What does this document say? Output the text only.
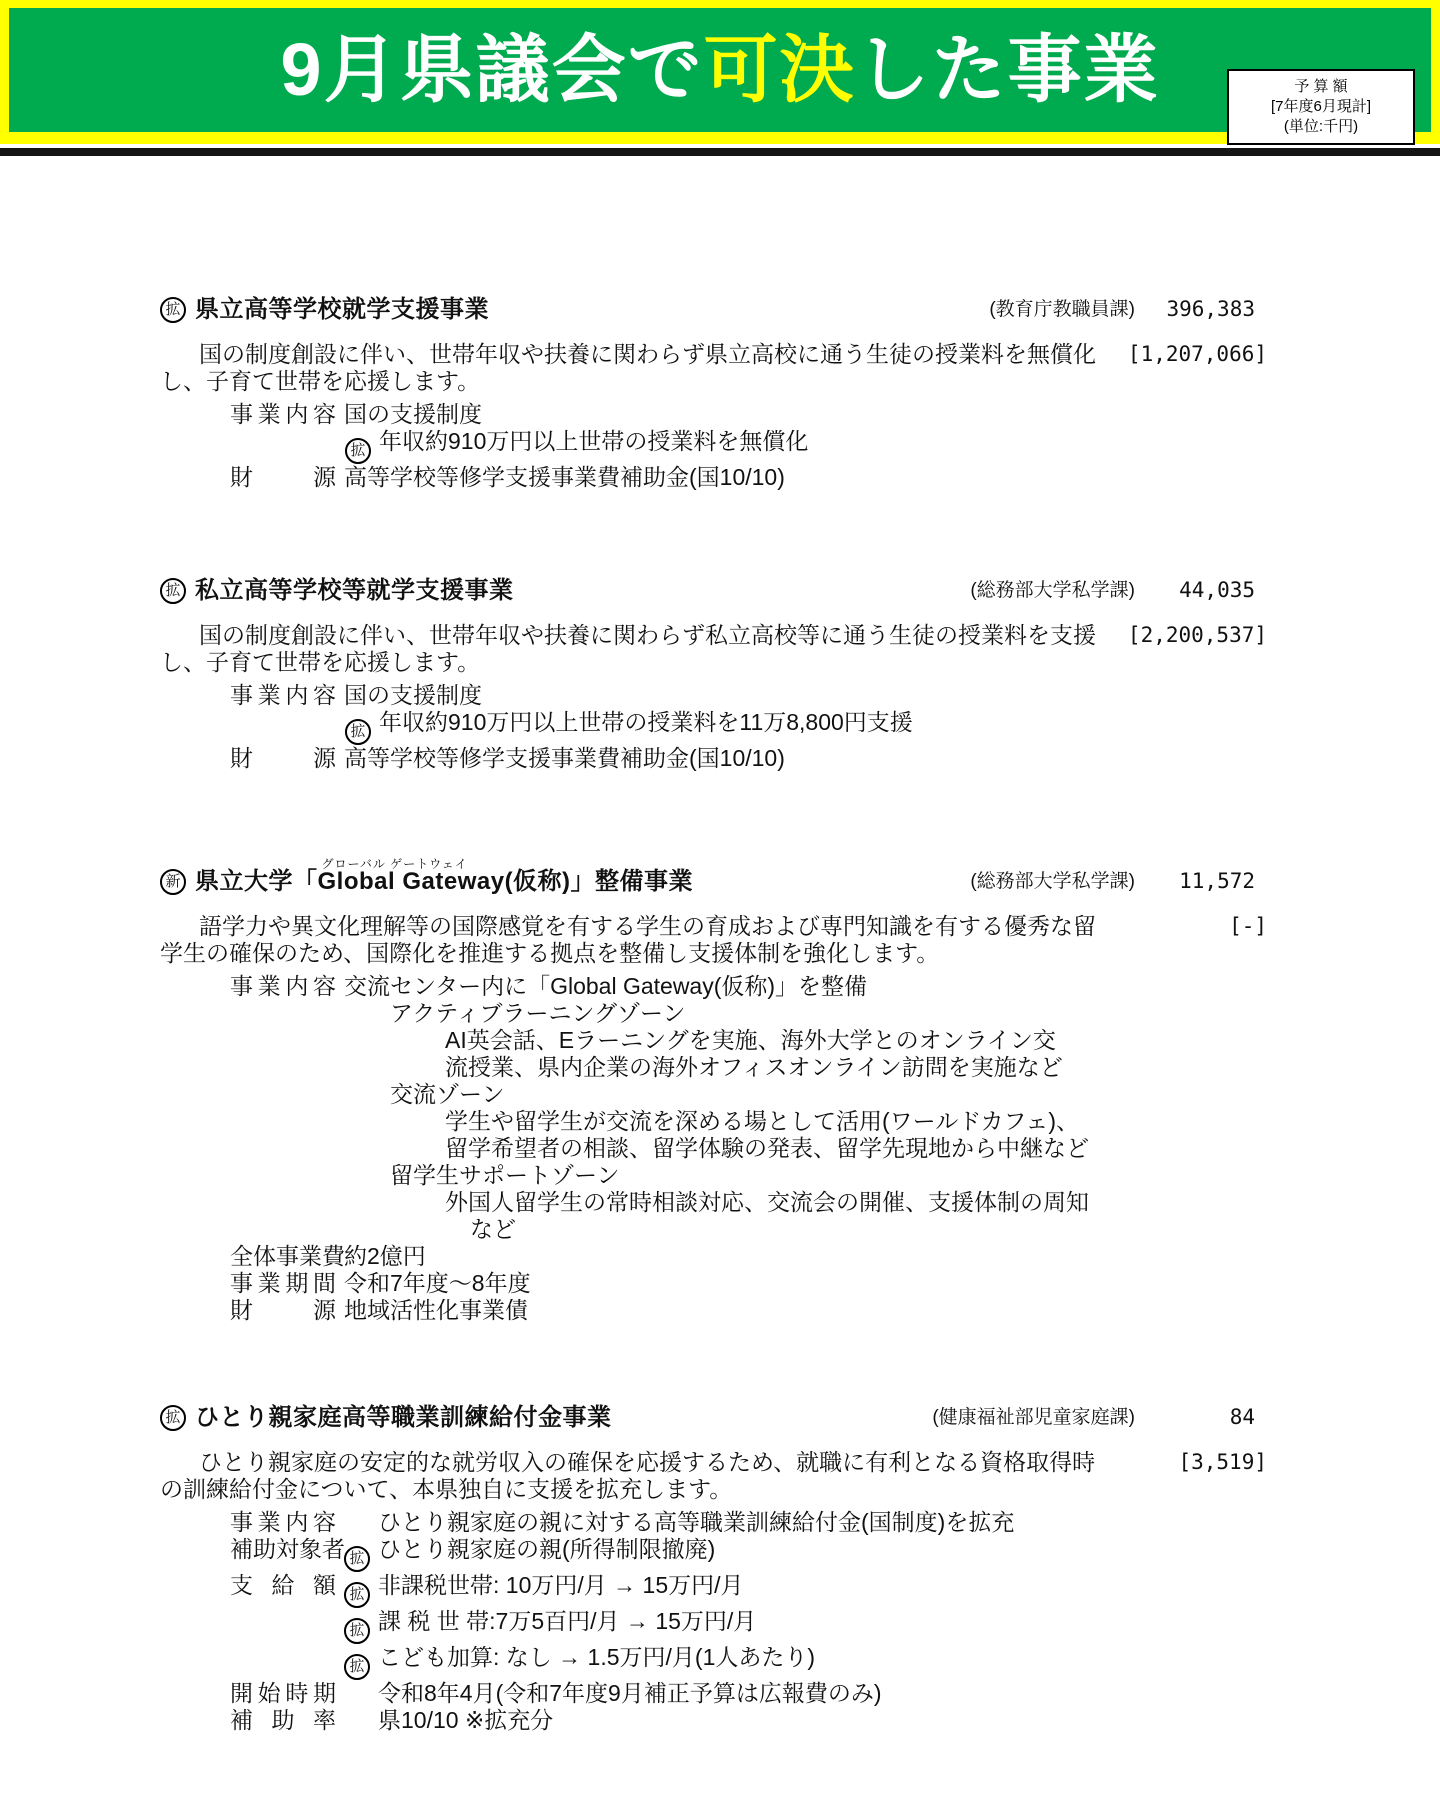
9月県議会で可決した事業	予 算 額
[7年度6月現計]
(単位:千円)
拡 県立高等学校就学支援事業	(教育庁教職員課)	396,383
[1,207,066]
国の制度創設に伴い、世帯年収や扶養に関わらず県立高校に通う生徒の授業料を無償化
し、子育て世帯を応援します。
事業内容 国の支援制度
拡 年収約910万円以上世帯の授業料を無償化
財源 高等学校等修学支援事業費補助金(国10/10)
拡 私立高等学校等就学支援事業	(総務部大学私学課)	44,035
[2,200,537]
国の制度創設に伴い、世帯年収や扶養に関わらず私立高校等に通う生徒の授業料を支援
し、子育て世帯を応援します。
事業内容 国の支援制度
拡 年収約910万円以上世帯の授業料を11万8,800円支援
財源 高等学校等修学支援事業費補助金(国10/10)
新 県立大学「Global Gateway
グローバル ゲートウェイ
(仮称)」整備事業	(総務部大学私学課)	11,572
[-]
語学力や異文化理解等の国際感覚を有する学生の育成および専門知識を有する優秀な留
学生の確保のため、国際化を推進する拠点を整備し支援体制を強化します。
事業内容 交流センター内に「Global Gateway(仮称)」を整備
アクティブラーニングゾーン
AI英会話、Eラーニングを実施、海外大学とのオンライン交
流授業、県内企業の海外オフィスオンライン訪問を実施など
交流ゾーン
学生や留学生が交流を深める場として活用(ワールドカフェ)、
留学希望者の相談、留学体験の発表、留学先現地から中継など
留学生サポートゾーン
外国人留学生の常時相談対応、交流会の開催、支援体制の周知
など
全体事業費約2億円
事業期間 令和7年度〜8年度
財源 地域活性化事業債
拡 ひとり親家庭高等職業訓練給付金事業	(健康福祉部児童家庭課)	84
[3,519]
ひとり親家庭の安定的な就労収入の確保を応援するため、就職に有利となる資格取得時
の訓練給付金について、本県独自に支援を拡充します。
事業内容 ひとり親家庭の親に対する高等職業訓練給付金(国制度)を拡充
補助対象者 拡 ひとり親家庭の親(所得制限撤廃)
支給額 拡 非課税世帯: 10万円/月 → 15万円/月
拡 課 税 世 帯:7万5百円/月 → 15万円/月
拡 こども加算: なし → 1.5万円/月(1人あたり)
開始時期 令和8年4月(令和7年度9月補正予算は広報費のみ)
補助率 県10/10 ※拡充分
